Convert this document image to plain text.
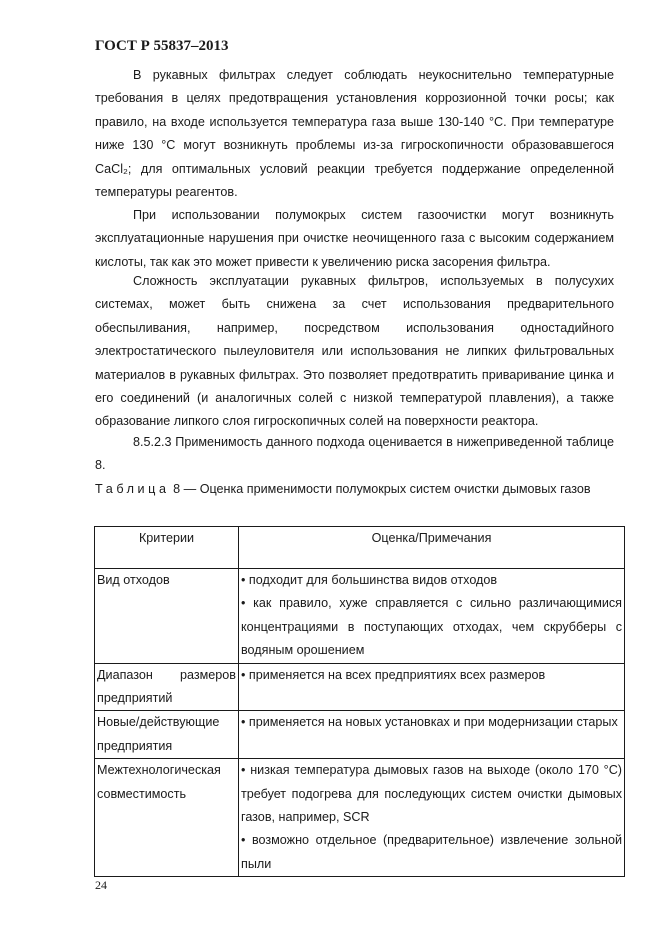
ГОСТ Р 55837–2013

В рукавных фильтрах следует соблюдать неукоснительно температурные требования в целях предотвращения установления коррозионной точки росы; как правило, на входе используется температура газа выше 130-140 °C. При температуре ниже 130 °C могут возникнуть проблемы из-за гигроскопичности образовавшегося CaCl₂; для оптимальных условий реакции требуется поддержание определенной температуры реагентов.

При использовании полумокрых систем газоочистки могут возникнуть эксплуатационные нарушения при очистке неочищенного газа с высоким содержанием кислоты, так как это может привести к увеличению риска засорения фильтра.

Сложность эксплуатации рукавных фильтров, используемых в полусухих системах, может быть снижена за счет использования предварительного обеспыливания, например, посредством использования одностадийного электростатического пылеуловителя или использования не липких фильтровальных материалов в рукавных фильтрах. Это позволяет предотвратить приваривание цинка и его соединений (и аналогичных солей с низкой температурой плавления), а также образование липкого слоя гигроскопичных солей на поверхности реактора.

8.5.2.3 Применимость данного подхода оценивается в нижеприведенной таблице 8.

Таблица 8 — Оценка применимости полумокрых систем очистки дымовых газов

Критерии	Оценка/Примечания

Вид отходов	• подходит для большинства видов отходов
• как правило, хуже справляется с сильно различающимися концентрациями в поступающих отходах, чем скрубберы с водяным орошением

Диапазон размеров предприятий	• применяется на всех предприятиях всех размеров

Новые/действующие предприятия	• применяется на новых установках и при модернизации старых

Межтехнологическая совместимость	• низкая температура дымовых газов на выходе (около 170 °C) требует подогрева для последующих систем очистки дымовых газов, например, SCR
• возможно отдельное (предварительное) извлечение зольной пыли
24
